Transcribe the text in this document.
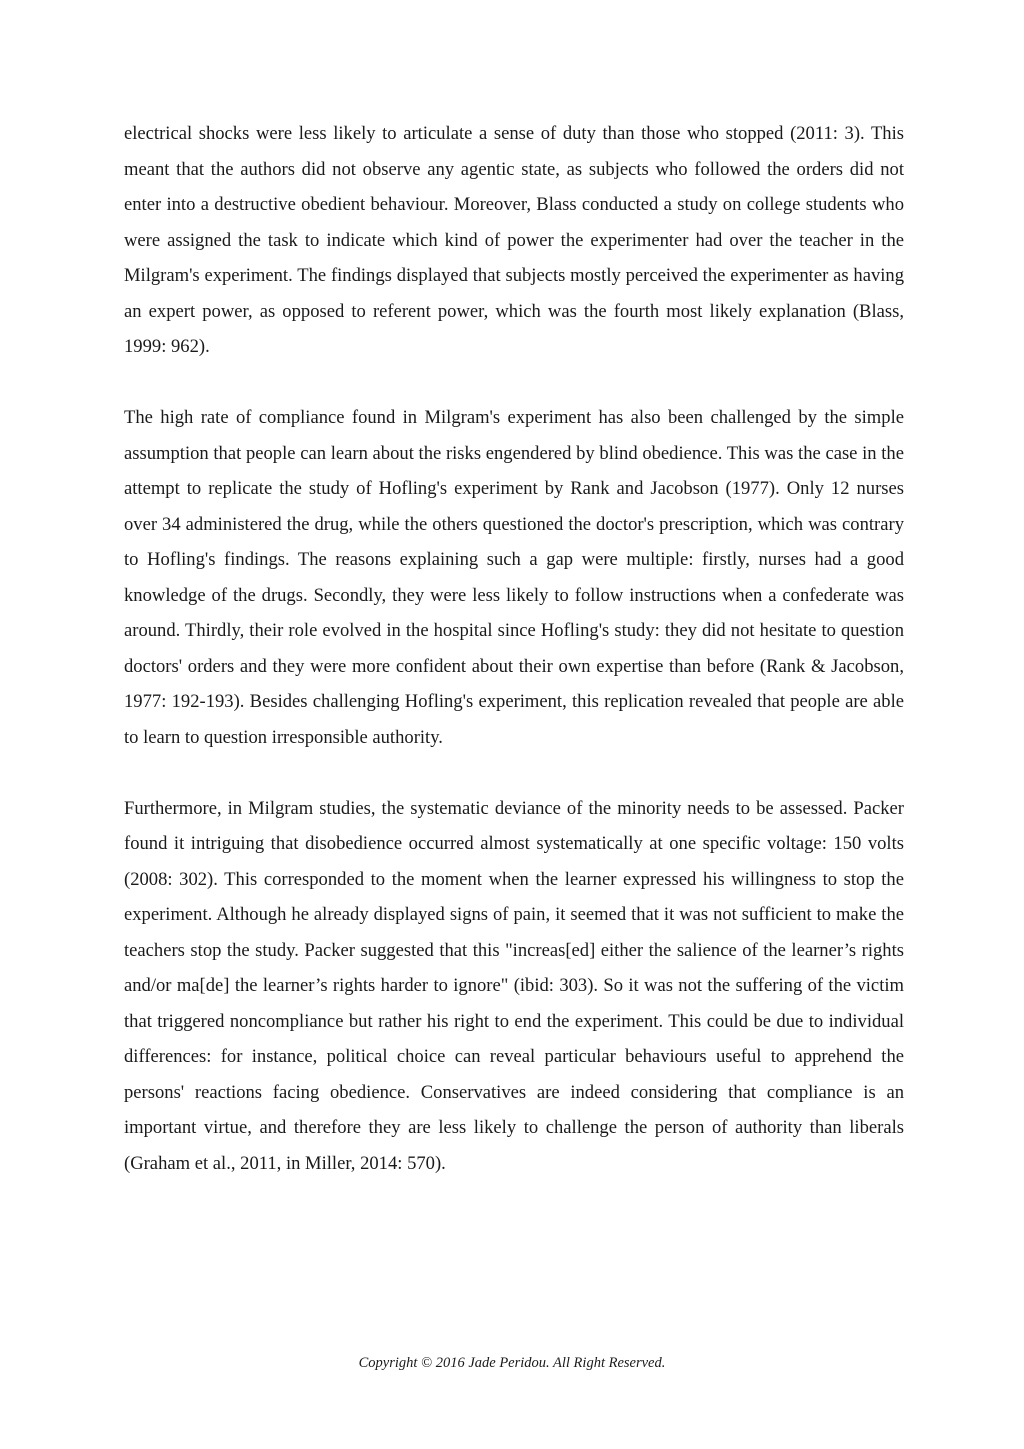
electrical shocks were less likely to articulate a sense of duty than those who stopped (2011: 3). This meant that the authors did not observe any agentic state, as subjects who followed the orders did not enter into a destructive obedient behaviour. Moreover, Blass conducted a study on college students who were assigned the task to indicate which kind of power the experimenter had over the teacher in the Milgram's experiment. The findings displayed that subjects mostly perceived the experimenter as having an expert power, as opposed to referent power, which was the fourth most likely explanation (Blass, 1999: 962).

The high rate of compliance found in Milgram's experiment has also been challenged by the simple assumption that people can learn about the risks engendered by blind obedience. This was the case in the attempt to replicate the study of Hofling's experiment by Rank and Jacobson (1977). Only 12 nurses over 34 administered the drug, while the others questioned the doctor's prescription, which was contrary to Hofling's findings. The reasons explaining such a gap were multiple: firstly, nurses had a good knowledge of the drugs. Secondly, they were less likely to follow instructions when a confederate was around. Thirdly, their role evolved in the hospital since Hofling's study: they did not hesitate to question doctors' orders and they were more confident about their own expertise than before (Rank & Jacobson, 1977: 192-193). Besides challenging Hofling's experiment, this replication revealed that people are able to learn to question irresponsible authority.

Furthermore, in Milgram studies, the systematic deviance of the minority needs to be assessed. Packer found it intriguing that disobedience occurred almost systematically at one specific voltage: 150 volts (2008: 302). This corresponded to the moment when the learner expressed his willingness to stop the experiment. Although he already displayed signs of pain, it seemed that it was not sufficient to make the teachers stop the study. Packer suggested that this "increas[ed] either the salience of the learner’s rights and/or ma[de] the learner’s rights harder to ignore" (ibid: 303). So it was not the suffering of the victim that triggered noncompliance but rather his right to end the experiment. This could be due to individual differences: for instance, political choice can reveal particular behaviours useful to apprehend the persons' reactions facing obedience. Conservatives are indeed considering that compliance is an important virtue, and therefore they are less likely to challenge the person of authority than liberals (Graham et al., 2011, in Miller, 2014: 570).

Copyright © 2016 Jade Peridou. All Right Reserved.
